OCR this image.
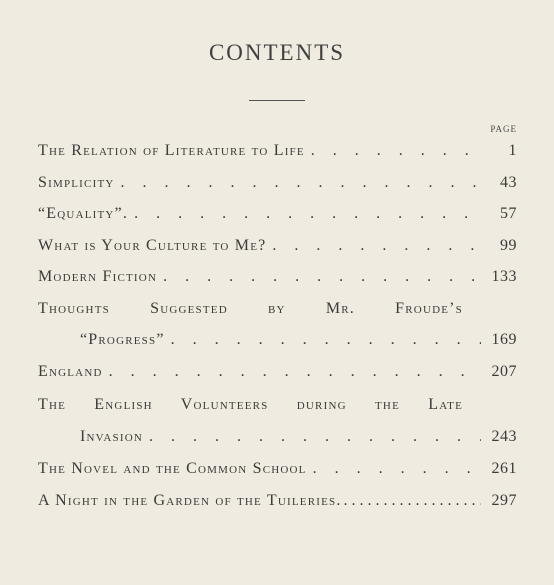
CONTENTS
PAGE
The Relation of Literature to Life . . .	1
Simplicity . . .	43
“Equality”. . . .	57
What is Your Culture to Me? . . .	99
Modern Fiction . . .	133
Thoughts Suggested by Mr. Froude’s
“Progress” . . .	169
England . . .	207
The English Volunteers during the Late
Invasion . . .	243
The Novel and the Common School . . .	261
A Night in the Garden of the Tuileries. . . .	297
